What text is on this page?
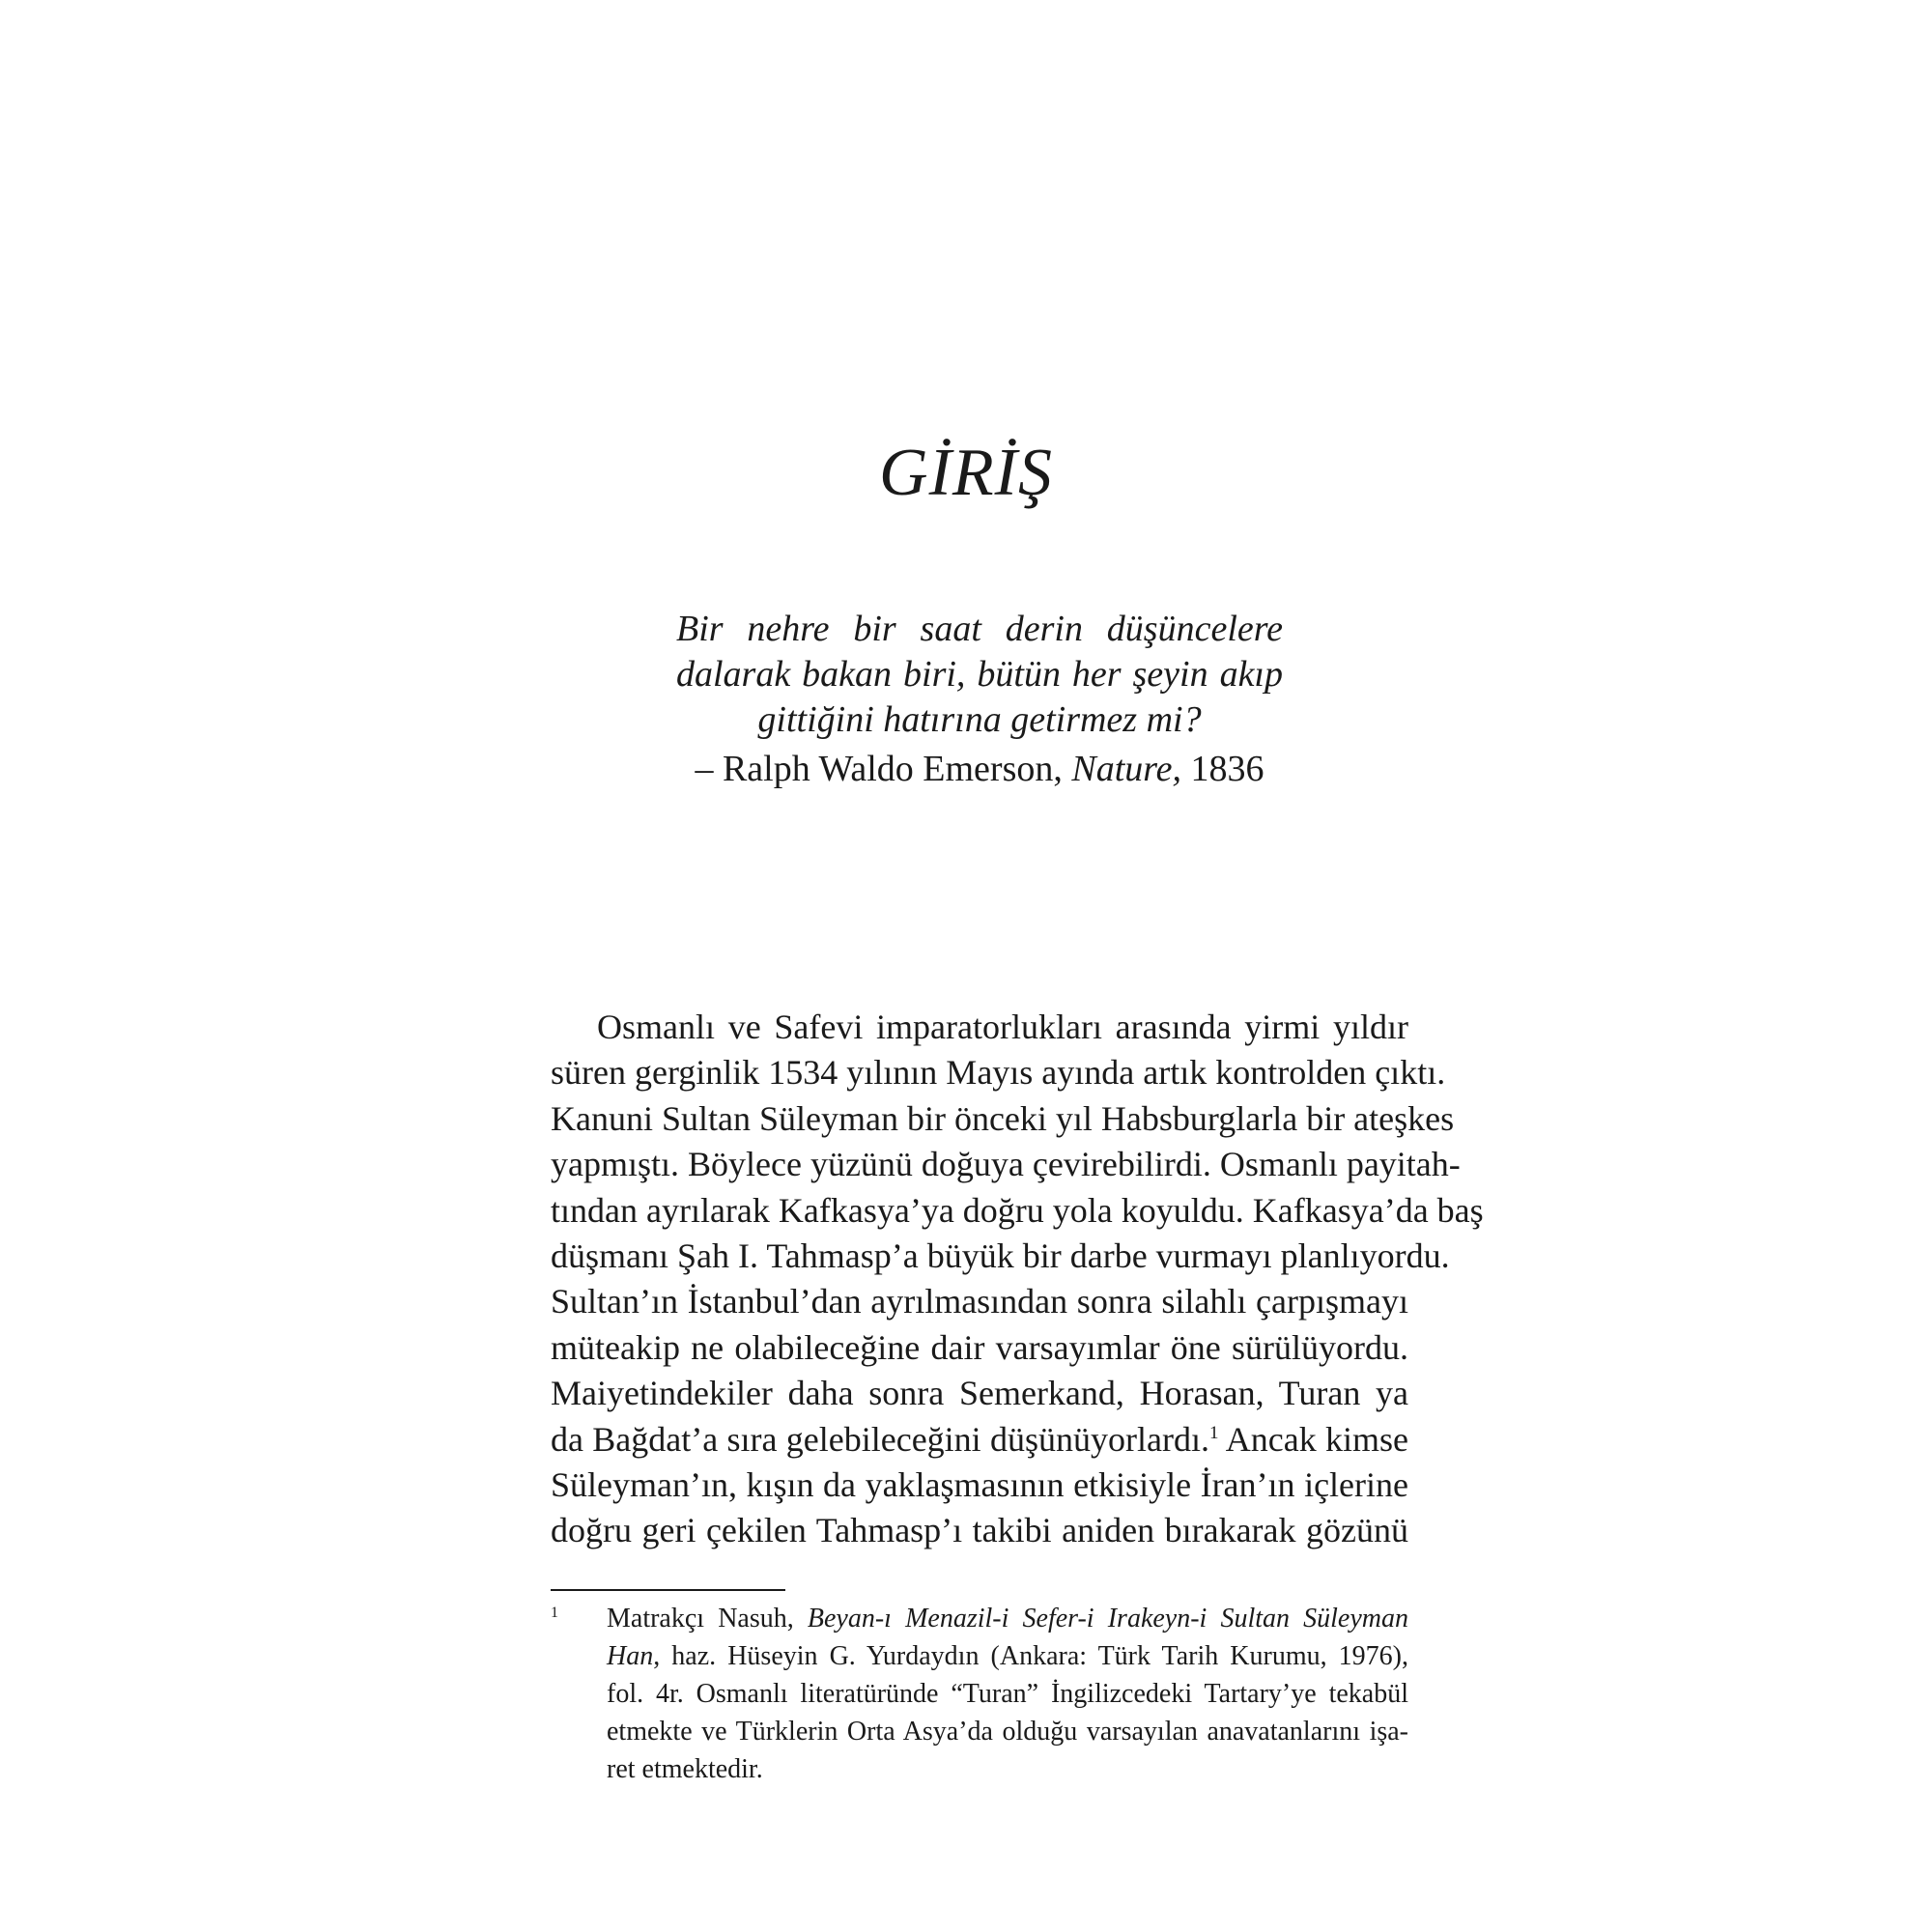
GİRİŞ
Bir nehre bir saat derin düşüncelere
dalarak bakan biri, bütün her şeyin akıp
gittiğini hatırına getirmez mi?
– Ralph Waldo Emerson, Nature, 1836
Osmanlı ve Safevi imparatorlukları arasında yirmi yıldır
süren gerginlik 1534 yılının Mayıs ayında artık kontrolden çıktı.
Kanuni Sultan Süleyman bir önceki yıl Habsburglarla bir ateşkes
yapmıştı. Böylece yüzünü doğuya çevirebilirdi. Osmanlı payitah-
tından ayrılarak Kafkasya’ya doğru yola koyuldu. Kafkasya’da baş
düşmanı Şah I. Tahmasp’a büyük bir darbe vurmayı planlıyordu.
Sultan’ın İstanbul’dan ayrılmasından sonra silahlı çarpışmayı
müteakip ne olabileceğine dair varsayımlar öne sürülüyordu.
Maiyetindekiler daha sonra Semerkand, Horasan, Turan ya
da Bağdat’a sıra gelebileceğini düşünüyorlardı.$^1$ Ancak kimse
Süleyman’ın, kışın da yaklaşmasının etkisiyle İran’ın içlerine
doğru geri çekilen Tahmasp’ı takibi aniden bırakarak gözünü
1 Matrakçı Nasuh, Beyan-ı Menazil-i Sefer-i Irakeyn-i Sultan Süleyman
Han, haz. Hüseyin G. Yurdaydın (Ankara: Türk Tarih Kurumu, 1976),
fol. 4r. Osmanlı literatüründe “Turan” İngilizcedeki Tartary’ye tekabül
etmekte ve Türklerin Orta Asya’da olduğu varsayılan anavatanlarını işa-
ret etmektedir.
